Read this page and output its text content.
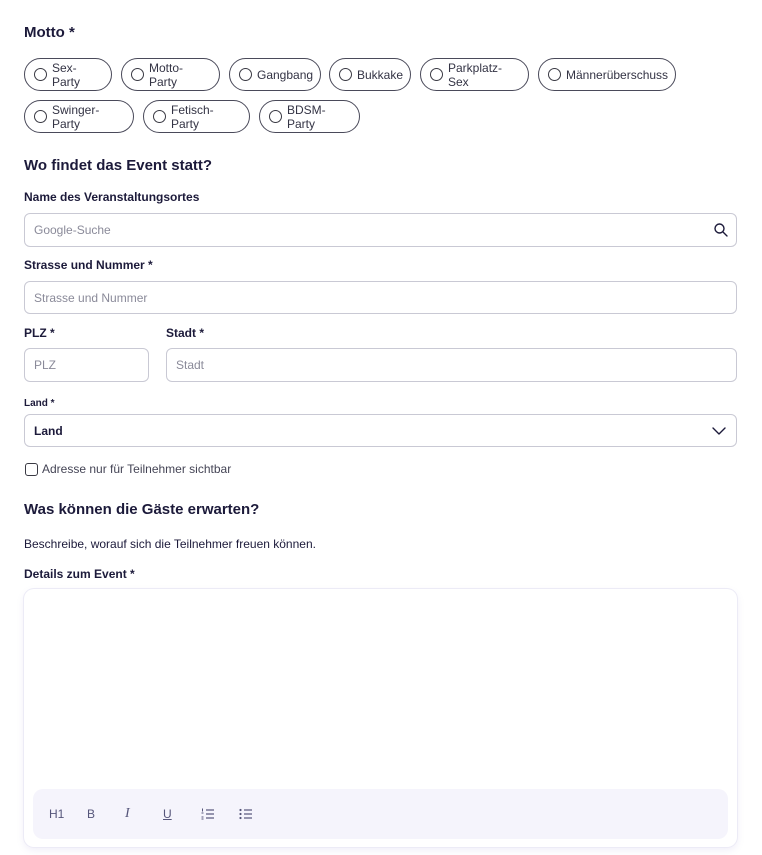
Motto *
Sex-Party
Motto-Party	Gangbang	Bukkake	Parkplatz-Sex	Männerüberschuss
Swinger-Party
Fetisch-Party
BDSM-Party
Wo findet das Event statt?
Name des Veranstaltungsortes
Google-Suche
Strasse und Nummer *
Strasse und Nummer
PLZ *
PLZ	Stadt *
Stadt
Land *
Land
Adresse nur für Teilnehmer sichtbar
Was können die Gäste erwarten?
Beschreibe, worauf sich die Teilnehmer freuen können.
Details zum Event *
H1	B	I	U
